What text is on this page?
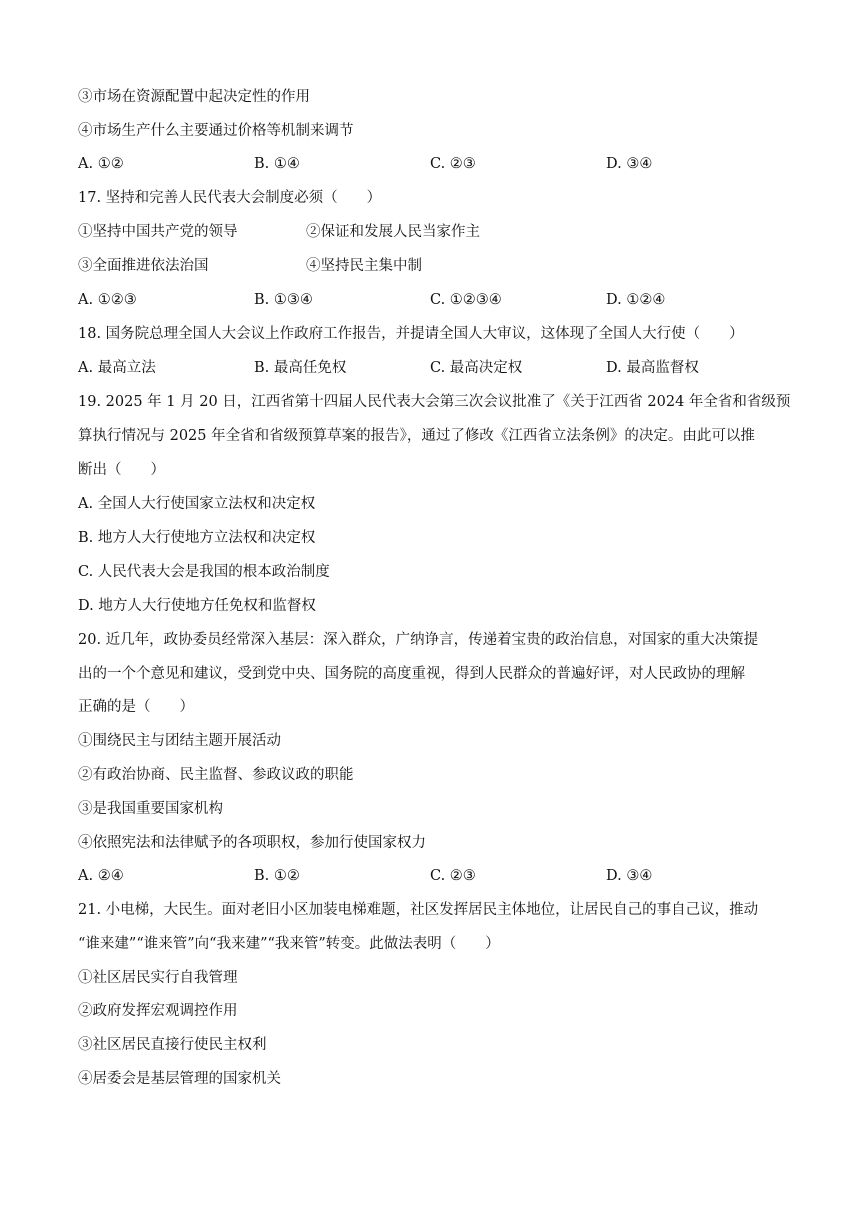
③市场在资源配置中起决定性的作用
④市场生产什么主要通过价格等机制来调节
A. ①②	B. ①④	C. ②③	D. ③④
17. 坚持和完善人民代表大会制度必须（　　）
①坚持中国共产党的领导	②保证和发展人民当家作主
③全面推进依法治国	④坚持民主集中制
A. ①②③	B. ①③④	C. ①②③④	D. ①②④
18. 国务院总理全国人大会议上作政府工作报告，并提请全国人大审议，这体现了全国人大行使（　　）
A. 最高立法	B. 最高任免权	C. 最高决定权	D. 最高监督权
19. 2025 年 1 月 20 日，江西省第十四届人民代表大会第三次会议批准了《关于江西省 2024 年全省和省级预
算执行情况与 2025 年全省和省级预算草案的报告》，通过了修改《江西省立法条例》的决定。由此可以推
断出（　　）
A. 全国人大行使国家立法权和决定权
B. 地方人大行使地方立法权和决定权
C. 人民代表大会是我国的根本政治制度
D. 地方人大行使地方任免权和监督权
20. 近几年，政协委员经常深入基层：深入群众，广纳诤言，传递着宝贵的政治信息，对国家的重大决策提
出的一个个意见和建议，受到党中央、国务院的高度重视，得到人民群众的普遍好评，对人民政协的理解
正确的是（　　）
①围绕民主与团结主题开展活动
②有政治协商、民主监督、参政议政的职能
③是我国重要国家机构
④依照宪法和法律赋予的各项职权，参加行使国家权力
A. ②④	B. ①②	C. ②③	D. ③④
21. 小电梯，大民生。面对老旧小区加装电梯难题，社区发挥居民主体地位，让居民自己的事自己议，推动
“谁来建”“谁来管”向“我来建”“我来管”转变。此做法表明（　　）
①社区居民实行自我管理
②政府发挥宏观调控作用
③社区居民直接行使民主权利
④居委会是基层管理的国家机关
